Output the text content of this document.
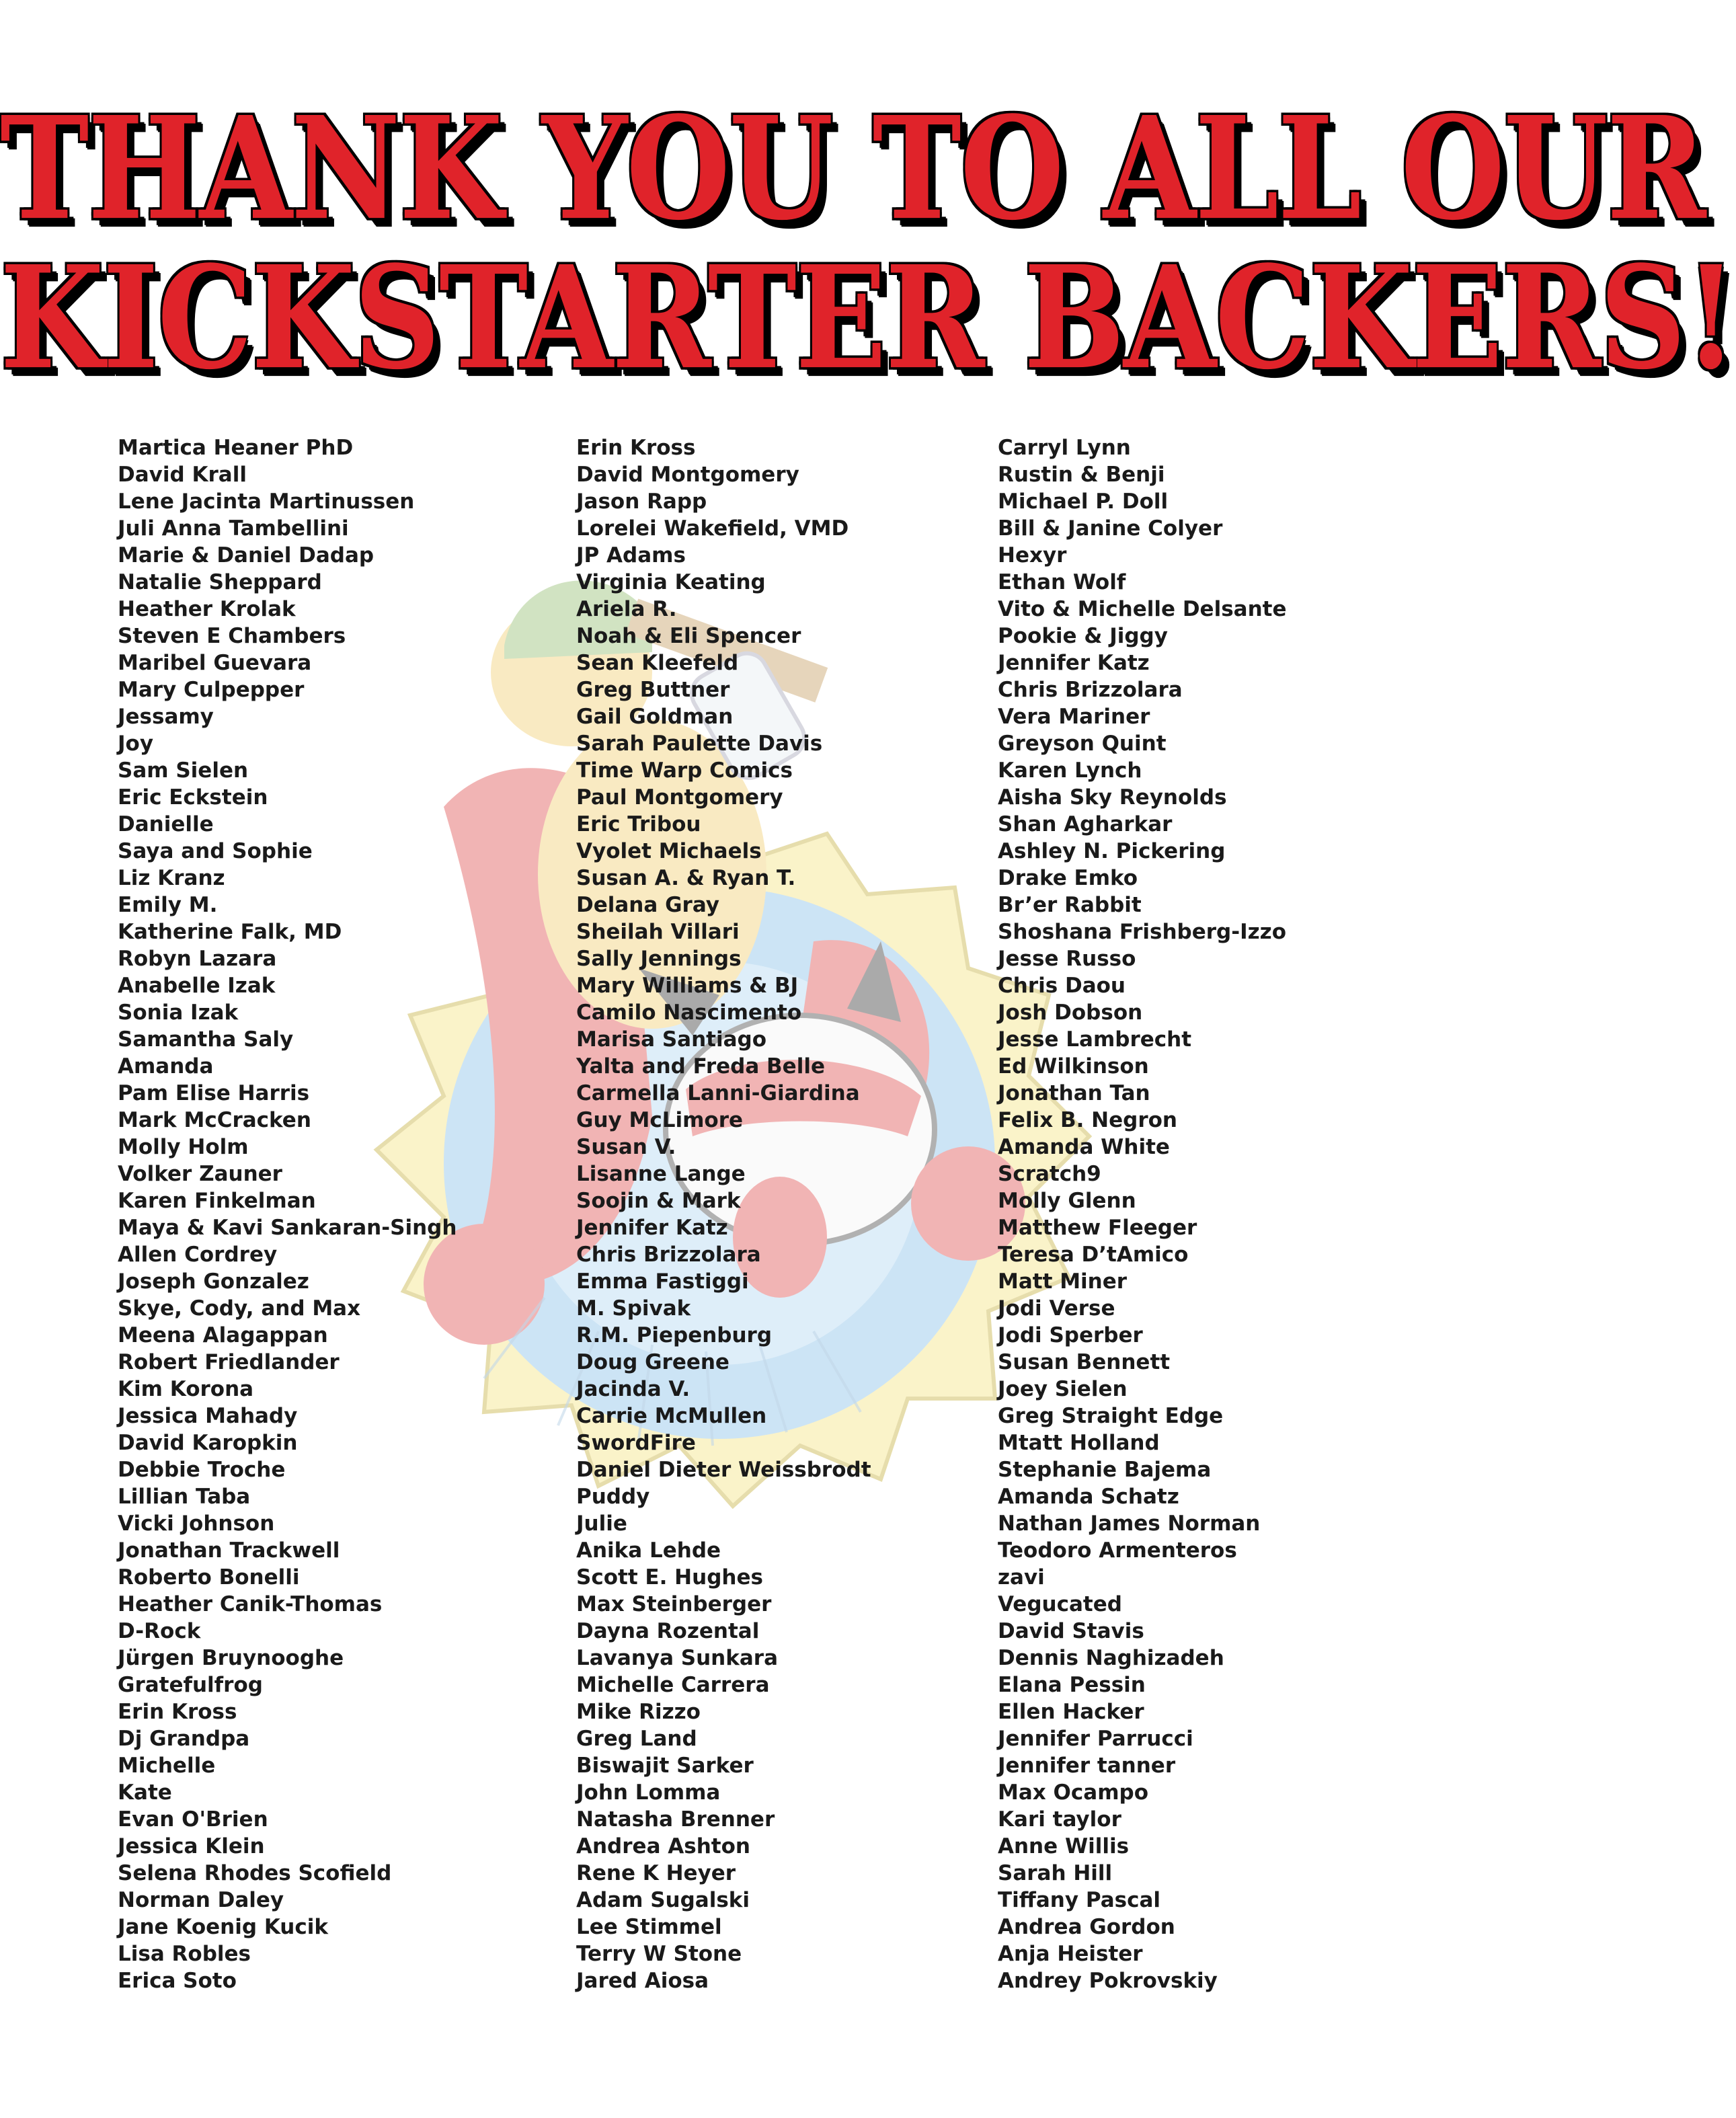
THANK YOU TO ALL OUR
KICKSTARTER BACKERS!
Martica Heaner PhD
David Krall
Lene Jacinta Martinussen
Juli Anna Tambellini
Marie & Daniel Dadap
Natalie Sheppard
Heather Krolak
Steven E Chambers
Maribel Guevara
Mary Culpepper
Jessamy
Joy
Sam Sielen
Eric Eckstein
Danielle
Saya and Sophie
Liz Kranz
Emily M.
Katherine Falk, MD
Robyn Lazara
Anabelle Izak
Sonia Izak
Samantha Saly
Amanda
Pam Elise Harris
Mark McCracken
Molly Holm
Volker Zauner
Karen Finkelman
Maya & Kavi Sankaran-Singh
Allen Cordrey
Joseph Gonzalez
Skye, Cody, and Max
Meena Alagappan
Robert Friedlander
Kim Korona
Jessica Mahady
David Karopkin
Debbie Troche
Lillian Taba
Vicki Johnson
Jonathan Trackwell
Roberto Bonelli
Heather Canik-Thomas
D-Rock
Jürgen Bruynooghe
Gratefulfrog
Erin Kross
Dj Grandpa
Michelle
Kate
Evan O'Brien
Jessica Klein
Selena Rhodes Scofield
Norman Daley
Jane Koenig Kucik
Lisa Robles
Erica Soto
Erin Kross
David Montgomery
Jason Rapp
Lorelei Wakefield, VMD
JP Adams
Virginia Keating
Ariela R.
Noah & Eli Spencer
Sean Kleefeld
Greg Buttner
Gail Goldman
Sarah Paulette Davis
Time Warp Comics
Paul Montgomery
Eric Tribou
Vyolet Michaels
Susan A. & Ryan T.
Delana Gray
Sheilah Villari
Sally Jennings
Mary Williams & BJ
Camilo Nascimento
Marisa Santiago
Yalta and Freda Belle
Carmella Lanni-Giardina
Guy McLimore
Susan V.
Lisanne Lange
Soojin & Mark
Jennifer Katz
Chris Brizzolara
Emma Fastiggi
M. Spivak
R.M. Piepenburg
Doug Greene
Jacinda V.
Carrie McMullen
SwordFire
Daniel Dieter Weissbrodt
Puddy
Julie
Anika Lehde
Scott E. Hughes
Max Steinberger
Dayna Rozental
Lavanya Sunkara
Michelle Carrera
Mike Rizzo
Greg Land
Biswajit Sarker
John Lomma
Natasha Brenner
Andrea Ashton
Rene K Heyer
Adam Sugalski
Lee Stimmel
Terry W Stone
Jared Aiosa
Carryl Lynn
Rustin & Benji
Michael P. Doll
Bill & Janine Colyer
Hexyr
Ethan Wolf
Vito & Michelle Delsante
Pookie & Jiggy
Jennifer Katz
Chris Brizzolara
Vera Mariner
Greyson Quint
Karen Lynch
Aisha Sky Reynolds
Shan Agharkar
Ashley N. Pickering
Drake Emko
Br’er Rabbit
Shoshana Frishberg-Izzo
Jesse Russo
Chris Daou
Josh Dobson
Jesse Lambrecht
Ed Wilkinson
Jonathan Tan
Felix B. Negron
Amanda White
Scratch9
Molly Glenn
Matthew Fleeger
Teresa D’tAmico
Matt Miner
Jodi Verse
Jodi Sperber
Susan Bennett
Joey Sielen
Greg Straight Edge
Mtatt Holland
Stephanie Bajema
Amanda Schatz
Nathan James Norman
Teodoro Armenteros
zavi
Vegucated
David Stavis
Dennis Naghizadeh
Elana Pessin
Ellen Hacker
Jennifer Parrucci
Jennifer tanner
Max Ocampo
Kari taylor
Anne Willis
Sarah Hill
Tiffany Pascal
Andrea Gordon
Anja Heister
Andrey Pokrovskiy
